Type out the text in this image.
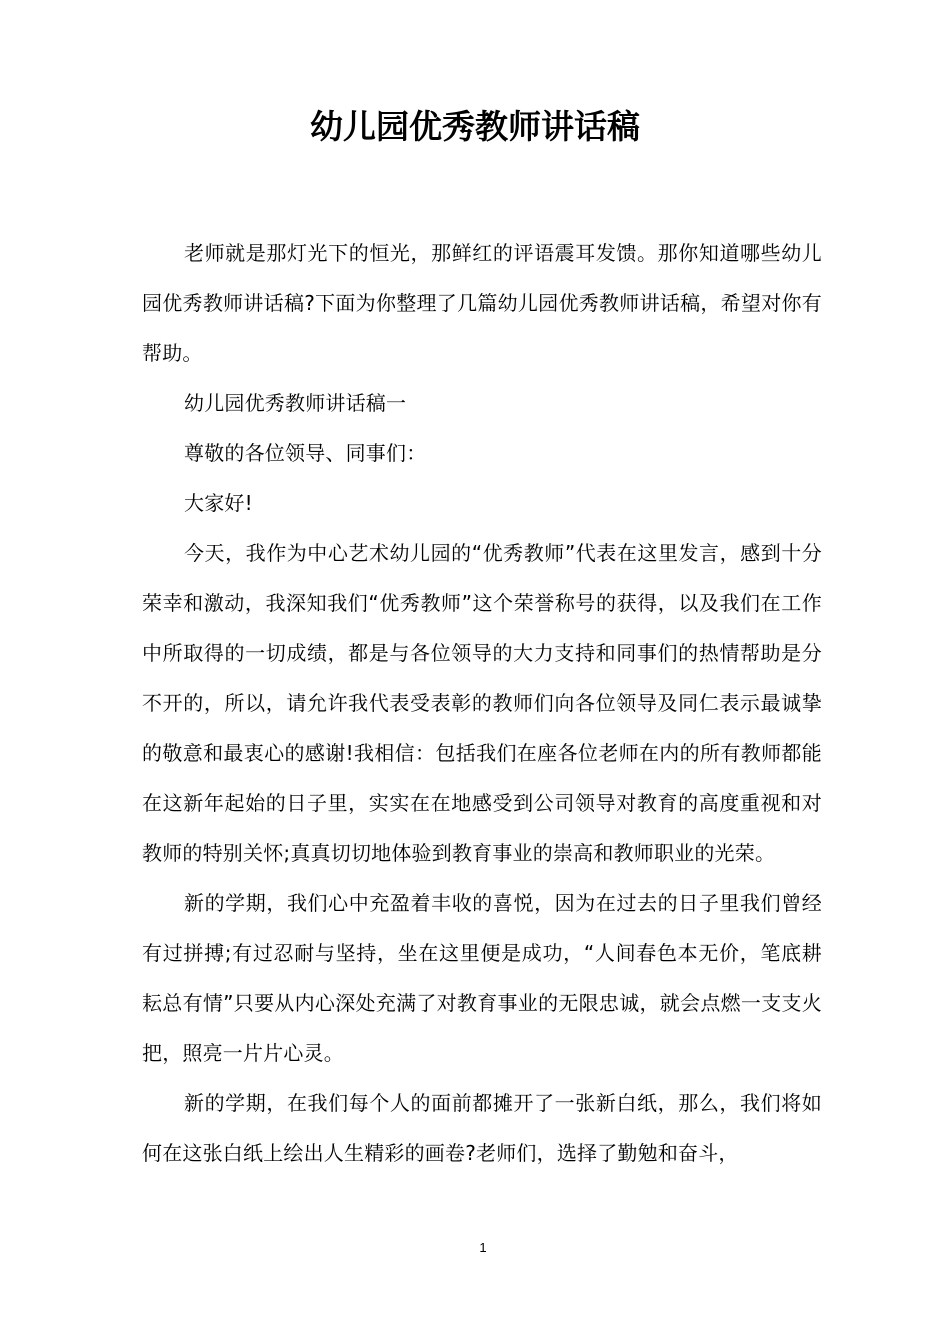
幼儿园优秀教师讲话稿

老师就是那灯光下的恒光，那鲜红的评语震耳发馈。那你知道哪些幼儿园优秀教师讲话稿?下面为你整理了几篇幼儿园优秀教师讲话稿，希望对你有帮助。

幼儿园优秀教师讲话稿一

尊敬的各位领导、同事们：

大家好!

今天，我作为中心艺术幼儿园的“优秀教师”代表在这里发言，感到十分荣幸和激动，我深知我们“优秀教师”这个荣誉称号的获得，以及我们在工作中所取得的一切成绩，都是与各位领导的大力支持和同事们的热情帮助是分不开的，所以，请允许我代表受表彰的教师们向各位领导及同仁表示最诚挚的敬意和最衷心的感谢!我相信：包括我们在座各位老师在内的所有教师都能在这新年起始的日子里，实实在在地感受到公司领导对教育的高度重视和对教师的特别关怀;真真切切地体验到教育事业的崇高和教师职业的光荣。

新的学期，我们心中充盈着丰收的喜悦，因为在过去的日子里我们曾经有过拼搏;有过忍耐与坚持，坐在这里便是成功，“人间春色本无价，笔底耕耘总有情”只要从内心深处充满了对教育事业的无限忠诚，就会点燃一支支火把，照亮一片片心灵。

新的学期，在我们每个人的面前都摊开了一张新白纸，那么，我们将如何在这张白纸上绘出人生精彩的画卷?老师们，选择了勤勉和奋斗，

1
